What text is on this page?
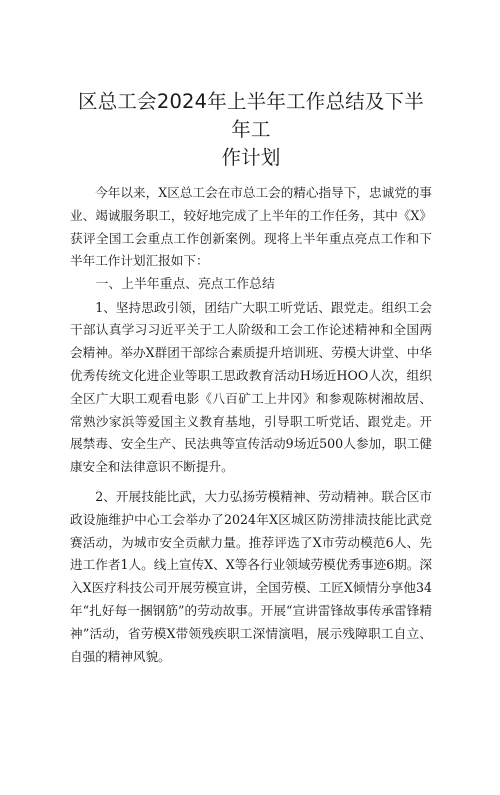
区总工会2024年上半年工作总结及下半年工
作计划

今年以来，X区总工会在市总工会的精心指导下，忠诚党的事业、竭诚服务职工，较好地完成了上半年的工作任务，其中《X》获评全国工会重点工作创新案例。现将上半年重点亮点工作和下半年工作计划汇报如下：

一、上半年重点、亮点工作总结

1、坚持思政引领，团结广大职工听党话、跟党走。组织工会干部认真学习习近平关于工人阶级和工会工作论述精神和全国两会精神。举办X群团干部综合素质提升培训班、劳模大讲堂、中华优秀传统文化进企业等职工思政教育活动H场近HOO人次，组织全区广大职工观看电影《八百矿工上井冈》和参观陈树湘故居、常熟沙家浜等爱国主义教育基地，引导职工听党话、跟党走。开展禁毒、安全生产、民法典等宣传活动9场近500人参加，职工健康安全和法律意识不断提升。

2、开展技能比武，大力弘扬劳模精神、劳动精神。联合区市政设施维护中心工会举办了2024年X区城区防涝排渍技能比武竞赛活动，为城市安全贡献力量。推荐评选了X市劳动模范6人、先进工作者1人。线上宣传X、X等各行业领域劳模优秀事迹6期。深入X医疗科技公司开展劳模宣讲，全国劳模、工匠X倾情分享他34年“扎好每一捆钢筋”的劳动故事。开展“宣讲雷锋故事传承雷锋精神”活动，省劳模X带领残疾职工深情演唱，展示残障职工自立、自强的精神风貌。
